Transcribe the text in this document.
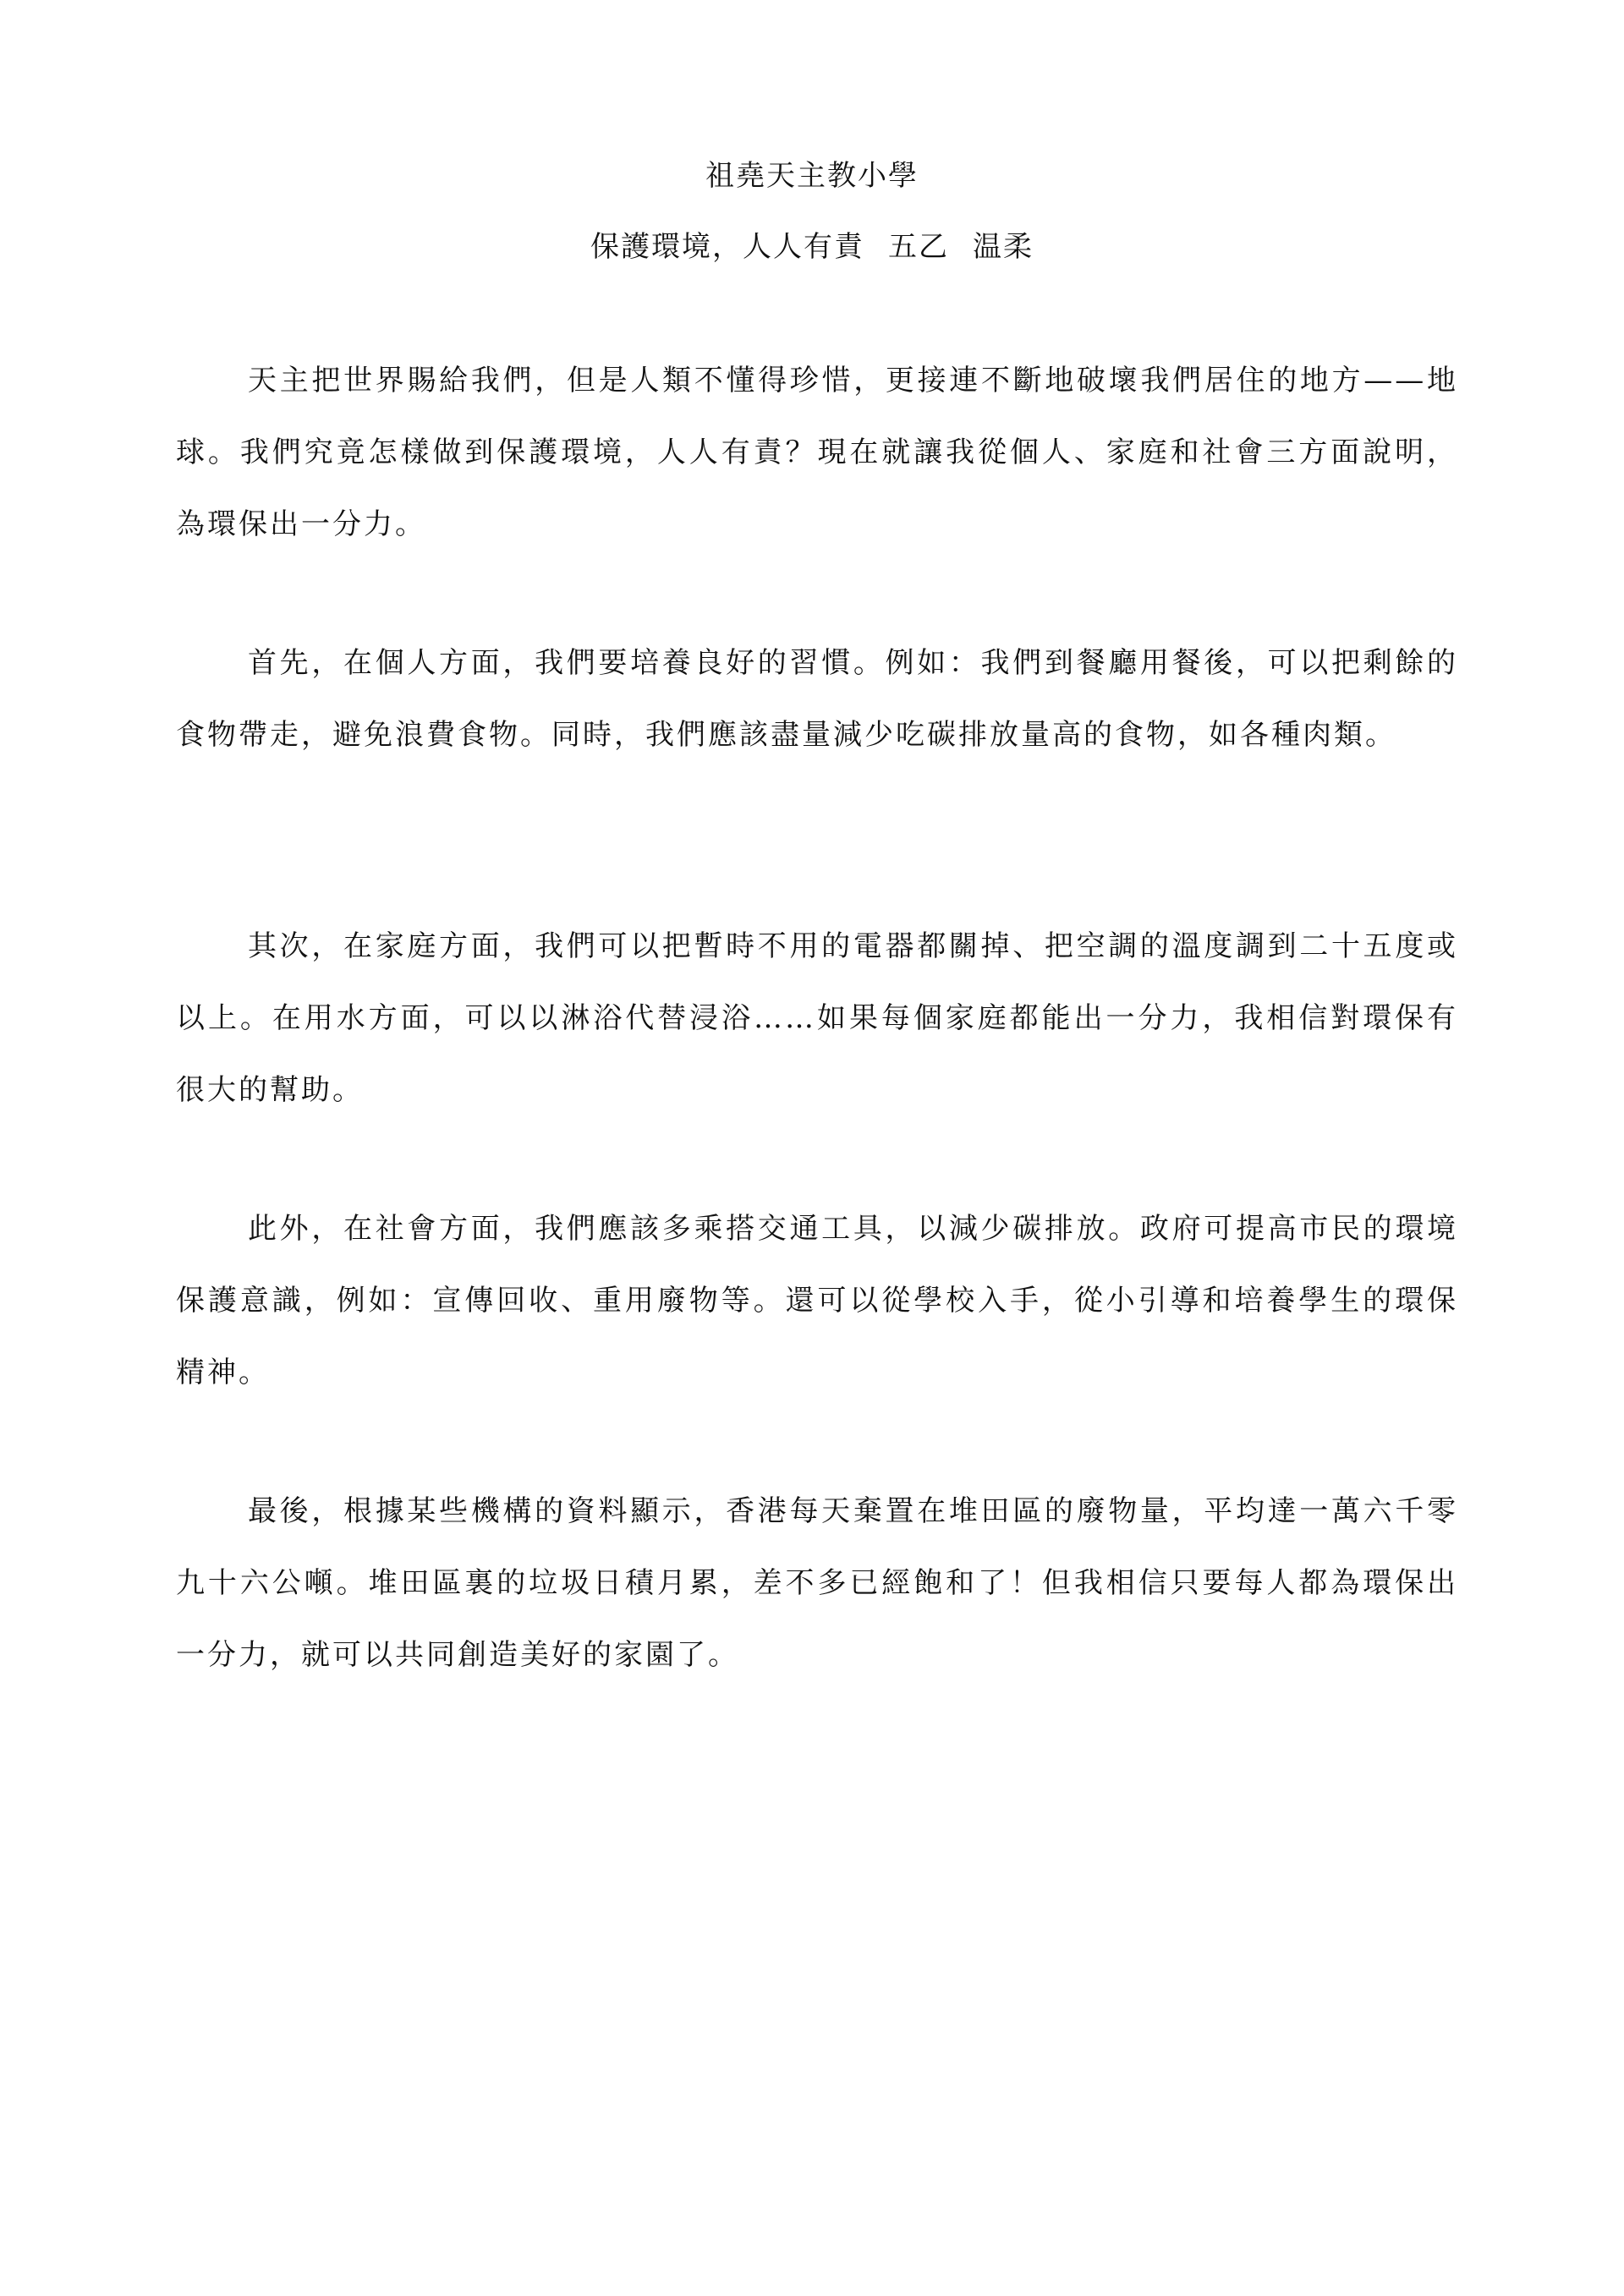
祖堯天主教小學
保護環境，人人有責 五乙 温柔

天主把世界賜給我們，但是人類不懂得珍惜，更接連不斷地破壞我們居住的地方——地球。我們究竟怎樣做到保護環境，人人有責？現在就讓我從個人、家庭和社會三方面說明，為環保出一分力。

首先，在個人方面，我們要培養良好的習慣。例如：我們到餐廳用餐後，可以把剩餘的食物帶走，避免浪費食物。同時，我們應該盡量減少吃碳排放量高的食物，如各種肉類。

其次，在家庭方面，我們可以把暫時不用的電器都關掉、把空調的溫度調到二十五度或以上。在用水方面，可以以淋浴代替浸浴……如果每個家庭都能出一分力，我相信對環保有很大的幫助。

此外，在社會方面，我們應該多乘搭交通工具，以減少碳排放。政府可提高市民的環境保護意識，例如：宣傳回收、重用廢物等。還可以從學校入手，從小引導和培養學生的環保精神。

最後，根據某些機構的資料顯示，香港每天棄置在堆田區的廢物量，平均達一萬六千零九十六公噸。堆田區裏的垃圾日積月累，差不多已經飽和了！但我相信只要每人都為環保出一分力，就可以共同創造美好的家園了。
